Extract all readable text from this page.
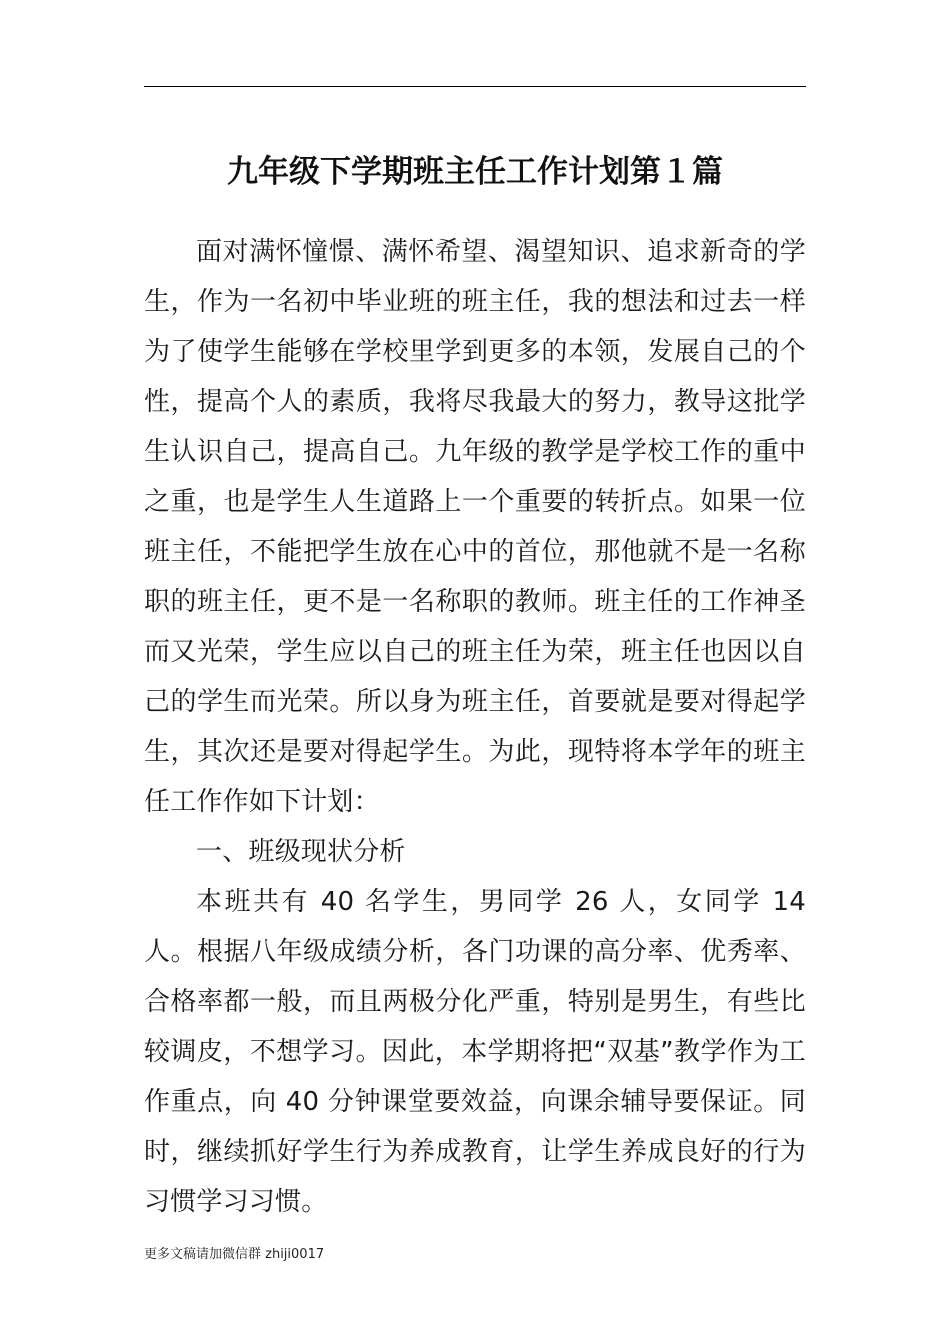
九年级下学期班主任工作计划第１篇

面对满怀憧憬、满怀希望、渴望知识、追求新奇的学生，作为一名初中毕业班的班主任，我的想法和过去一样为了使学生能够在学校里学到更多的本领，发展自己的个性，提高个人的素质，我将尽我最大的努力，教导这批学生认识自己，提高自己。九年级的教学是学校工作的重中之重，也是学生人生道路上一个重要的转折点。如果一位班主任，不能把学生放在心中的首位，那他就不是一名称职的班主任，更不是一名称职的教师。班主任的工作神圣而又光荣，学生应以自己的班主任为荣，班主任也因以自己的学生而光荣。所以身为班主任，首要就是要对得起学生，其次还是要对得起学生。为此，现特将本学年的班主任工作作如下计划：

一、班级现状分析

本班共有 40 名学生，男同学 26 人，女同学 14 人。根据八年级成绩分析，各门功课的高分率、优秀率、合格率都一般，而且两极分化严重，特别是男生，有些比较调皮，不想学习。因此，本学期将把“双基”教学作为工作重点，向 40 分钟课堂要效益，向课余辅导要保证。同时，继续抓好学生行为养成教育，让学生养成良好的行为习惯学习习惯。

更多文稿请加微信群 zhiji0017
